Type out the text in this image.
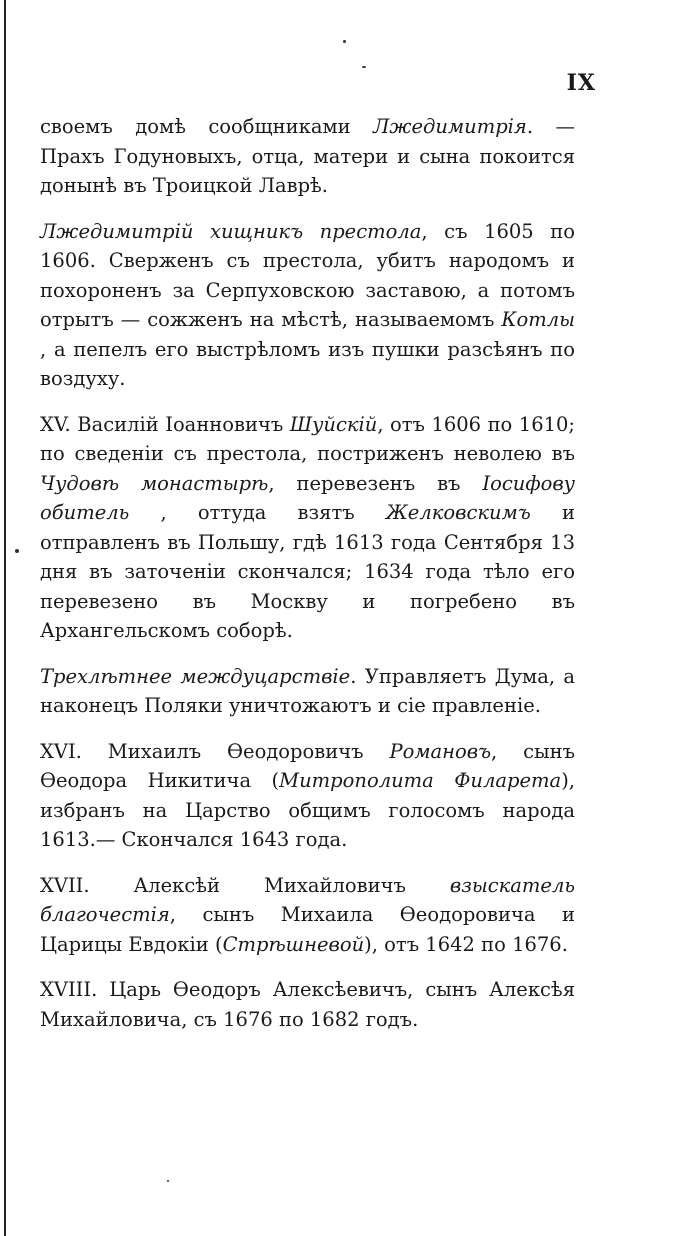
IX

своемъ домѣ сообщниками Лжедимитрія. — Прахъ Годуновыхъ, отца, матери и сына покоится донынѣ въ Троицкой Лаврѣ.

Лжедимитрій хищникъ престола, съ 1605 по 1606. Сверженъ съ престола, убитъ народомъ и похороненъ за Серпуховскою заставою, а потомъ отрытъ — сожженъ на мѣстѣ, называемомъ Котлы , а пепелъ его выстрѣломъ изъ пушки разсѣянъ по воздуху.

XV. Василій Іоанновичъ Шуйскій, отъ 1606 по 1610; по сведеніи съ престола, постриженъ неволею въ Чудовѣ монастырѣ, перевезенъ въ Іосифову обитель , оттуда взятъ Желковскимъ и отправленъ въ Польшу, гдѣ 1613 года Сентября 13 дня въ заточеніи скончался; 1634 года тѣло его перевезено въ Москву и погребено въ Архангельскомъ соборѣ.

Трехлѣтнее междуцарствіе. Управляетъ Дума, а наконецъ Поляки уничтожаютъ и сіе правленіе.

XVI. Михаилъ Ѳеодоровичъ Романовъ, сынъ Ѳеодора Никитича (Митрополита Филарета), избранъ на Царство общимъ голосомъ народа 1613.— Скончался 1643 года.

XVII. Алексѣй Михайловичъ взыскатель благочестія, сынъ Михаила Ѳеодоровича и Царицы Евдокіи (Стрѣшневой), отъ 1642 по 1676.

XVIII. Царь Ѳеодоръ Алексѣевичъ, сынъ Алексѣя Михайловича, съ 1676 по 1682 годъ.
